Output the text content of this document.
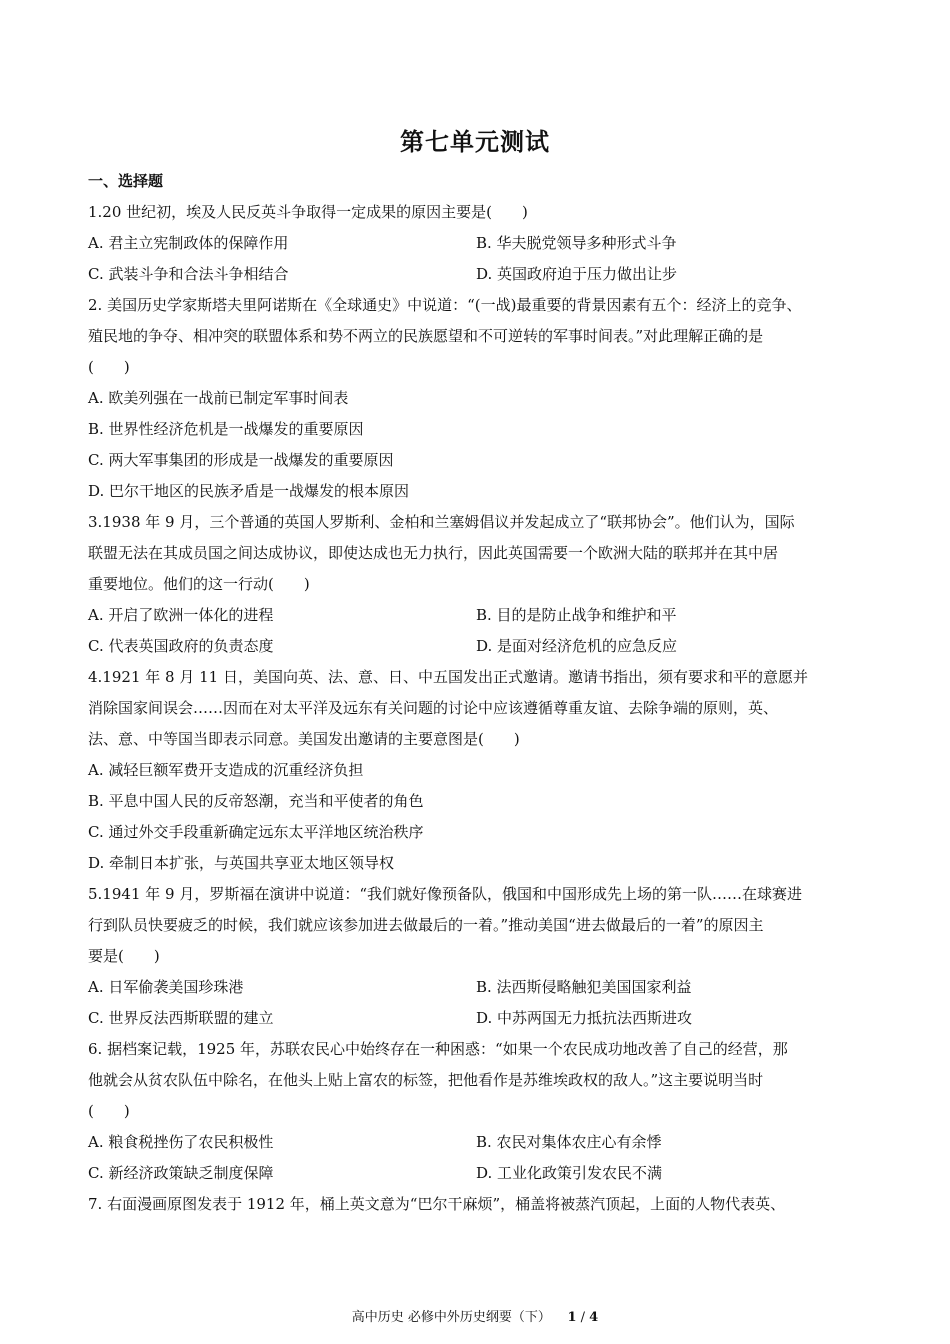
第七单元测试
一、选择题
1.20 世纪初，埃及人民反英斗争取得一定成果的原因主要是(　　)
A. 君主立宪制政体的保障作用	B. 华夫脱党领导多种形式斗争
C. 武装斗争和合法斗争相结合	D. 英国政府迫于压力做出让步
2. 美国历史学家斯塔夫里阿诺斯在《全球通史》中说道：“(一战)最重要的背景因素有五个：经济上的竞争、
殖民地的争夺、相冲突的联盟体系和势不两立的民族愿望和不可逆转的军事时间表。”对此理解正确的是
(　　)
A. 欧美列强在一战前已制定军事时间表
B. 世界性经济危机是一战爆发的重要原因
C. 两大军事集团的形成是一战爆发的重要原因
D. 巴尔干地区的民族矛盾是一战爆发的根本原因
3.1938 年 9 月，三个普通的英国人罗斯利、金柏和兰塞姆倡议并发起成立了“联邦协会”。他们认为，国际
联盟无法在其成员国之间达成协议，即使达成也无力执行，因此英国需要一个欧洲大陆的联邦并在其中居
重要地位。他们的这一行动(　　)
A. 开启了欧洲一体化的进程	B. 目的是防止战争和维护和平
C. 代表英国政府的负责态度	D. 是面对经济危机的应急反应
4.1921 年 8 月 11 日，美国向英、法、意、日、中五国发出正式邀请。邀请书指出，须有要求和平的意愿并
消除国家间误会……因而在对太平洋及远东有关问题的讨论中应该遵循尊重友谊、去除争端的原则，英、
法、意、中等国当即表示同意。美国发出邀请的主要意图是(　　)
A. 减轻巨额军费开支造成的沉重经济负担
B. 平息中国人民的反帝怒潮，充当和平使者的角色
C. 通过外交手段重新确定远东太平洋地区统治秩序
D. 牵制日本扩张，与英国共享亚太地区领导权
5.1941 年 9 月，罗斯福在演讲中说道：“我们就好像预备队，俄国和中国形成先上场的第一队……在球赛进
行到队员快要疲乏的时候，我们就应该参加进去做最后的一着。”推动美国“进去做最后的一着”的原因主
要是(　　)
A. 日军偷袭美国珍珠港	B. 法西斯侵略触犯美国国家利益
C. 世界反法西斯联盟的建立	D. 中苏两国无力抵抗法西斯进攻
6. 据档案记载，1925 年，苏联农民心中始终存在一种困惑：“如果一个农民成功地改善了自己的经营，那
他就会从贫农队伍中除名，在他头上贴上富农的标签，把他看作是苏维埃政权的敌人。”这主要说明当时
(　　)
A. 粮食税挫伤了农民积极性	B. 农民对集体农庄心有余悸
C. 新经济政策缺乏制度保障	D. 工业化政策引发农民不满
7. 右面漫画原图发表于 1912 年，桶上英文意为“巴尔干麻烦”，桶盖将被蒸汽顶起，上面的人物代表英、
高中历史 必修中外历史纲要（下） 1 / 4
